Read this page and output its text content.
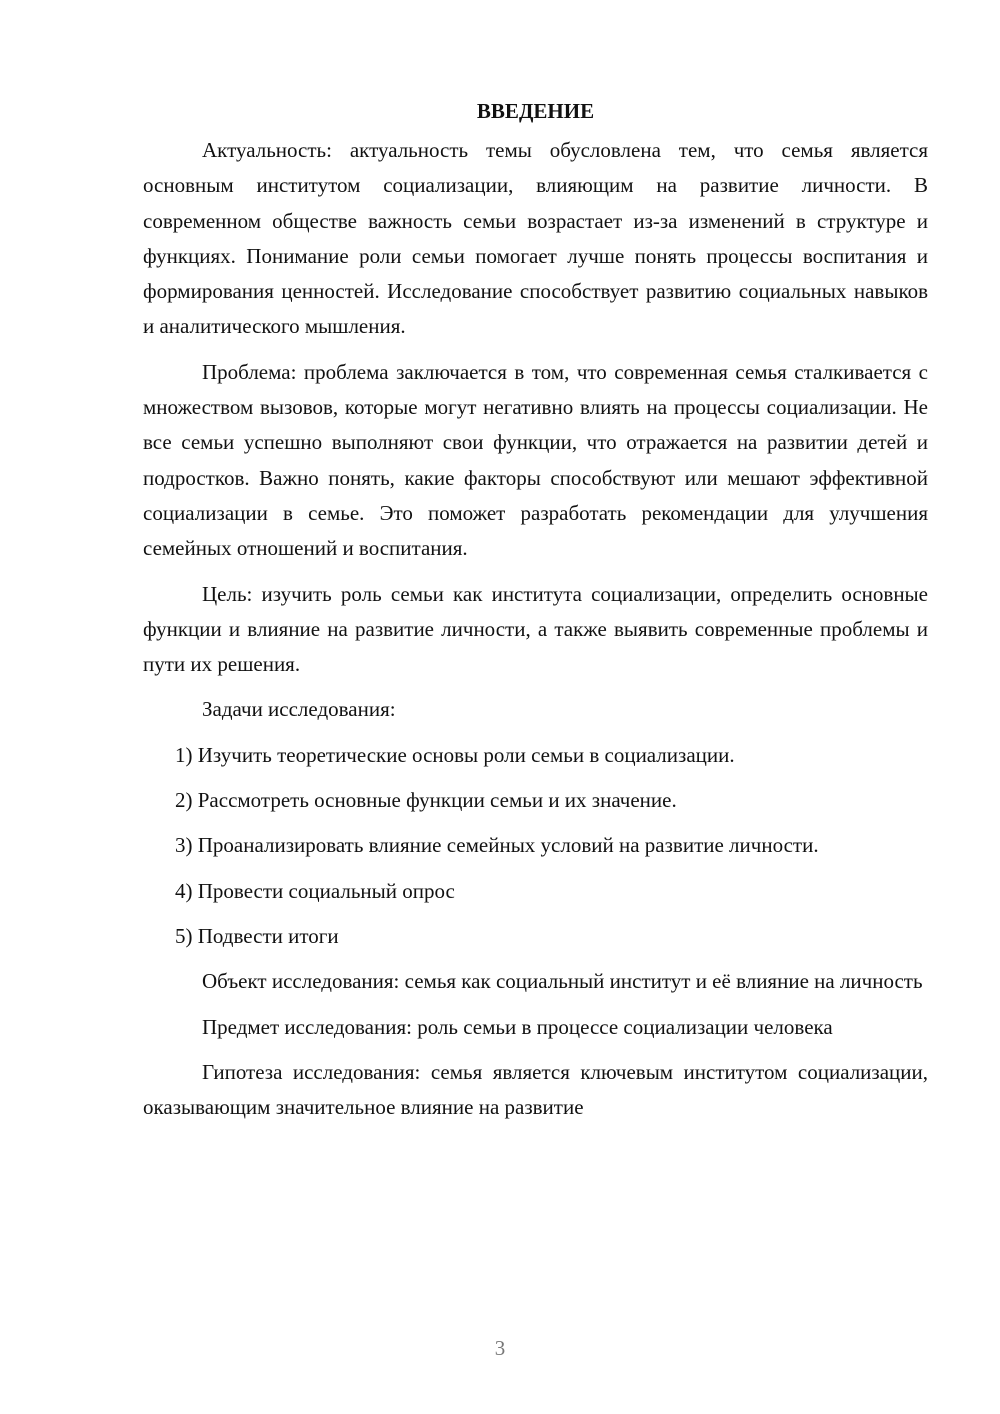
ВВЕДЕНИЕ

Актуальность: актуальность темы обусловлена тем, что семья является основным институтом социализации, влияющим на развитие личности. В современном обществе важность семьи возрастает из-за изменений в структуре и функциях. Понимание роли семьи помогает лучше понять процессы воспитания и формирования ценностей. Исследование способствует развитию социальных навыков и аналитического мышления.

Проблема: проблема заключается в том, что современная семья сталкивается с множеством вызовов, которые могут негативно влиять на процессы социализации. Не все семьи успешно выполняют свои функции, что отражается на развитии детей и подростков. Важно понять, какие факторы способствуют или мешают эффективной социализации в семье. Это поможет разработать рекомендации для улучшения семейных отношений и воспитания.

Цель: изучить роль семьи как института социализации, определить основные функции и влияние на развитие личности, а также выявить современные проблемы и пути их решения.

Задачи исследования:

1) Изучить теоретические основы роли семьи в социализации.

2) Рассмотреть основные функции семьи и их значение.

3) Проанализировать влияние семейных условий на развитие личности.

4) Провести социальный опрос

5) Подвести итоги

Объект исследования: семья как социальный институт и её влияние на личность

Предмет исследования: роль семьи в процессе социализации человека

Гипотеза исследования: семья является ключевым институтом социализации, оказывающим значительное влияние на развитие

3
